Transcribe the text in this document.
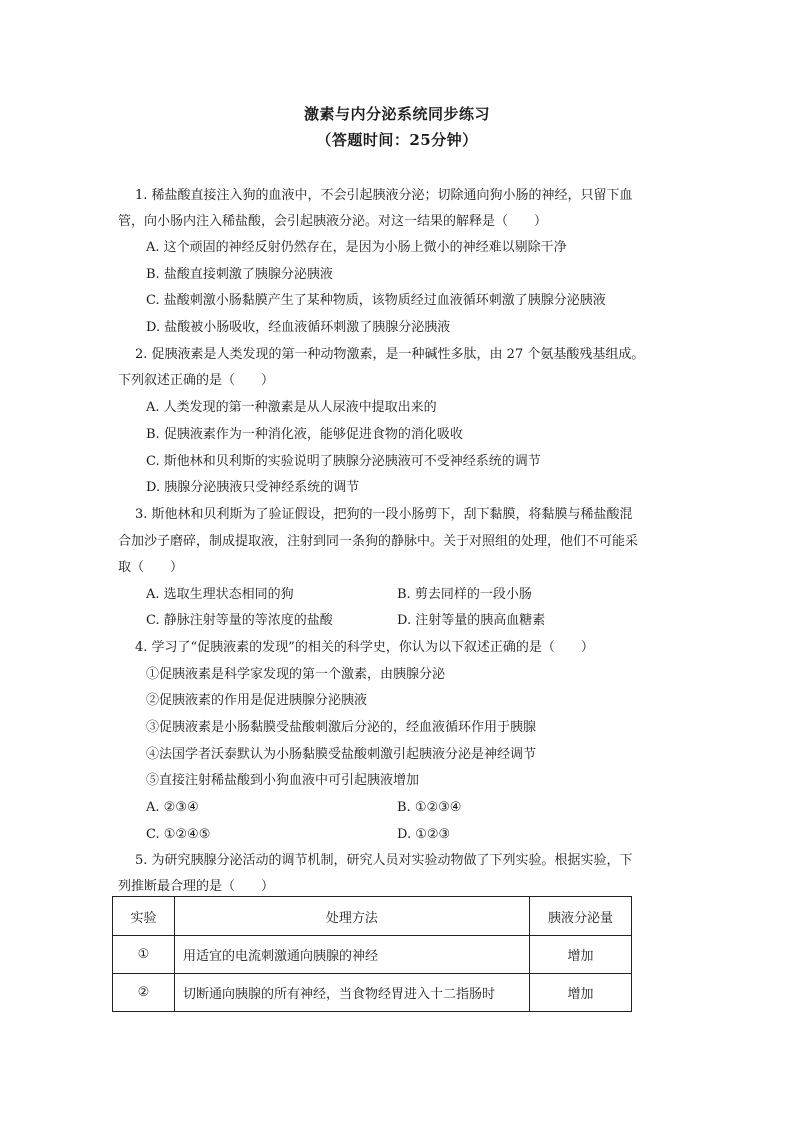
激素与内分泌系统同步练习
（答题时间：25分钟）
1. 稀盐酸直接注入狗的血液中，不会引起胰液分泌；切除通向狗小肠的神经，只留下血
管，向小肠内注入稀盐酸，会引起胰液分泌。对这一结果的解释是（ ）
A. 这个顽固的神经反射仍然存在，是因为小肠上微小的神经难以剔除干净
B. 盐酸直接刺激了胰腺分泌胰液
C. 盐酸刺激小肠黏膜产生了某种物质，该物质经过血液循环刺激了胰腺分泌胰液
D. 盐酸被小肠吸收，经血液循环刺激了胰腺分泌胰液
2. 促胰液素是人类发现的第一种动物激素，是一种碱性多肽，由 27 个氨基酸残基组成。
下列叙述正确的是（ ）
A. 人类发现的第一种激素是从人尿液中提取出来的
B. 促胰液素作为一种消化液，能够促进食物的消化吸收
C. 斯他林和贝利斯的实验说明了胰腺分泌胰液可不受神经系统的调节
D. 胰腺分泌胰液只受神经系统的调节
3. 斯他林和贝利斯为了验证假设，把狗的一段小肠剪下，刮下黏膜，将黏膜与稀盐酸混
合加沙子磨碎，制成提取液，注射到同一条狗的静脉中。关于对照组的处理，他们不可能采
取（ ）
A. 选取生理状态相同的狗	B. 剪去同样的一段小肠
C. 静脉注射等量的等浓度的盐酸	D. 注射等量的胰高血糖素
4. 学习了“促胰液素的发现”的相关的科学史，你认为以下叙述正确的是（ ）
①促胰液素是科学家发现的第一个激素，由胰腺分泌
②促胰液素的作用是促进胰腺分泌胰液
③促胰液素是小肠黏膜受盐酸刺激后分泌的，经血液循环作用于胰腺
④法国学者沃泰默认为小肠黏膜受盐酸刺激引起胰液分泌是神经调节
⑤直接注射稀盐酸到小狗血液中可引起胰液增加
A. ②③④	B. ①②③④
C. ①②④⑤	D. ①②③
5. 为研究胰腺分泌活动的调节机制，研究人员对实验动物做了下列实验。根据实验，下
列推断最合理的是（ ）
实验	处理方法	胰液分泌量
①	用适宜的电流刺激通向胰腺的神经	增加
②	切断通向胰腺的所有神经，当食物经胃进入十二指肠时	增加
